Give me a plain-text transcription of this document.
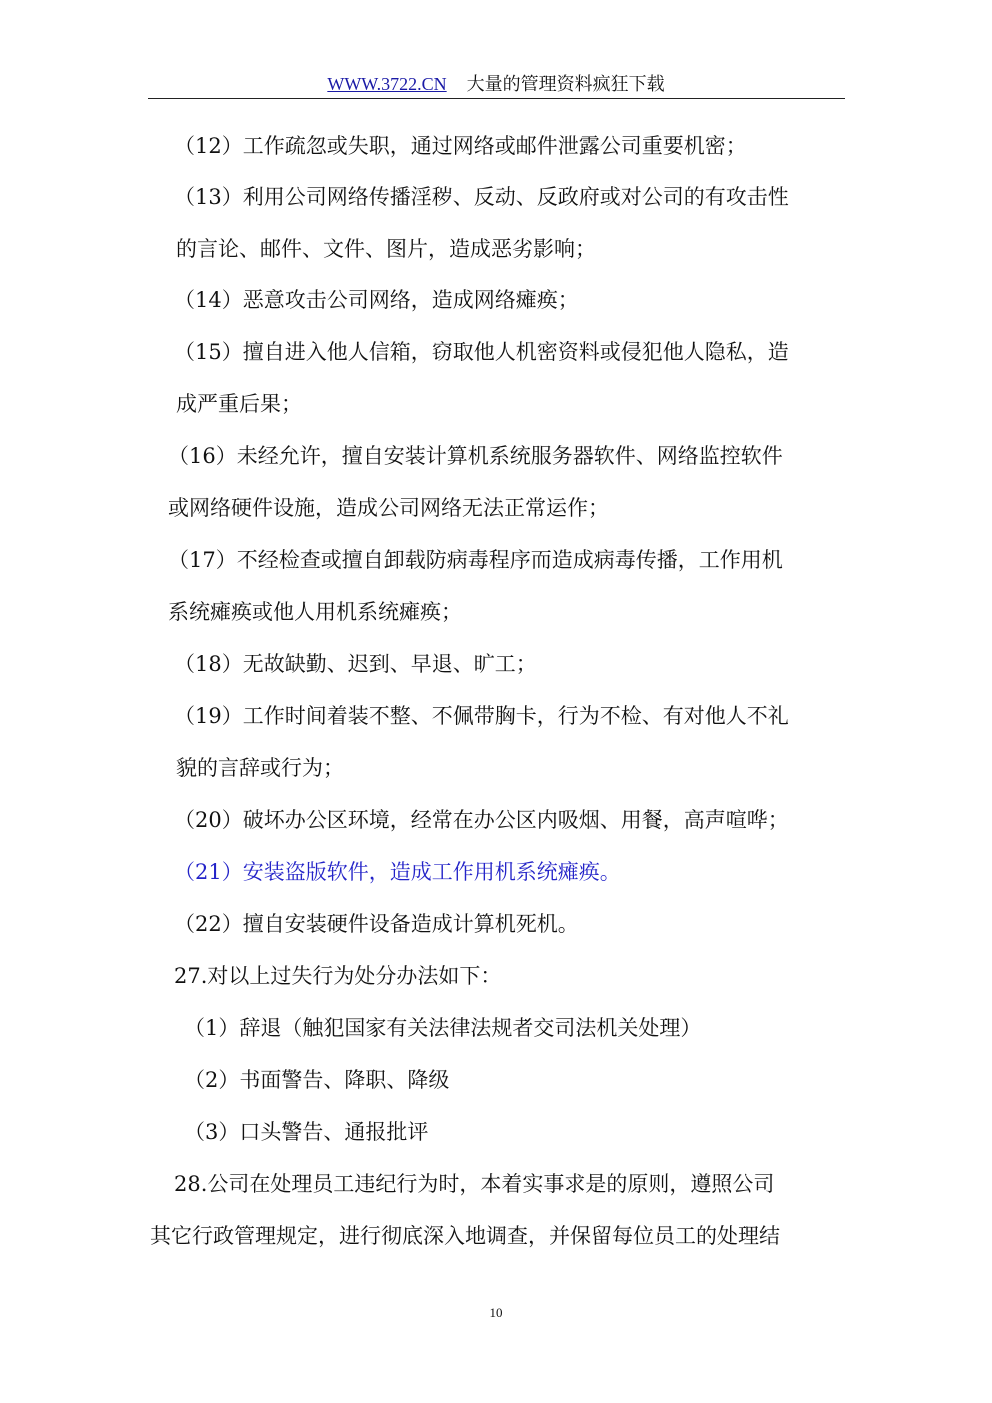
WWW.3722.CN 大量的管理资料疯狂下载
（12）工作疏忽或失职，通过网络或邮件泄露公司重要机密；
（13）利用公司网络传播淫秽、反动、反政府或对公司的有攻击性
的言论、邮件、文件、图片，造成恶劣影响；
（14）恶意攻击公司网络，造成网络瘫痪；
（15）擅自进入他人信箱，窃取他人机密资料或侵犯他人隐私，造
成严重后果；
（16）未经允许，擅自安装计算机系统服务器软件、网络监控软件
或网络硬件设施，造成公司网络无法正常运作；
（17）不经检查或擅自卸载防病毒程序而造成病毒传播，工作用机
系统瘫痪或他人用机系统瘫痪；
（18）无故缺勤、迟到、早退、旷工；
（19）工作时间着装不整、不佩带胸卡，行为不检、有对他人不礼
貌的言辞或行为；
（20）破坏办公区环境，经常在办公区内吸烟、用餐，高声喧哗；
（21）安装盗版软件，造成工作用机系统瘫痪。
（22）擅自安装硬件设备造成计算机死机。
27.对以上过失行为处分办法如下：
（1）辞退（触犯国家有关法律法规者交司法机关处理）
（2）书面警告、降职、降级
（3）口头警告、通报批评
28.公司在处理员工违纪行为时，本着实事求是的原则，遵照公司
其它行政管理规定，进行彻底深入地调查，并保留每位员工的处理结
10
